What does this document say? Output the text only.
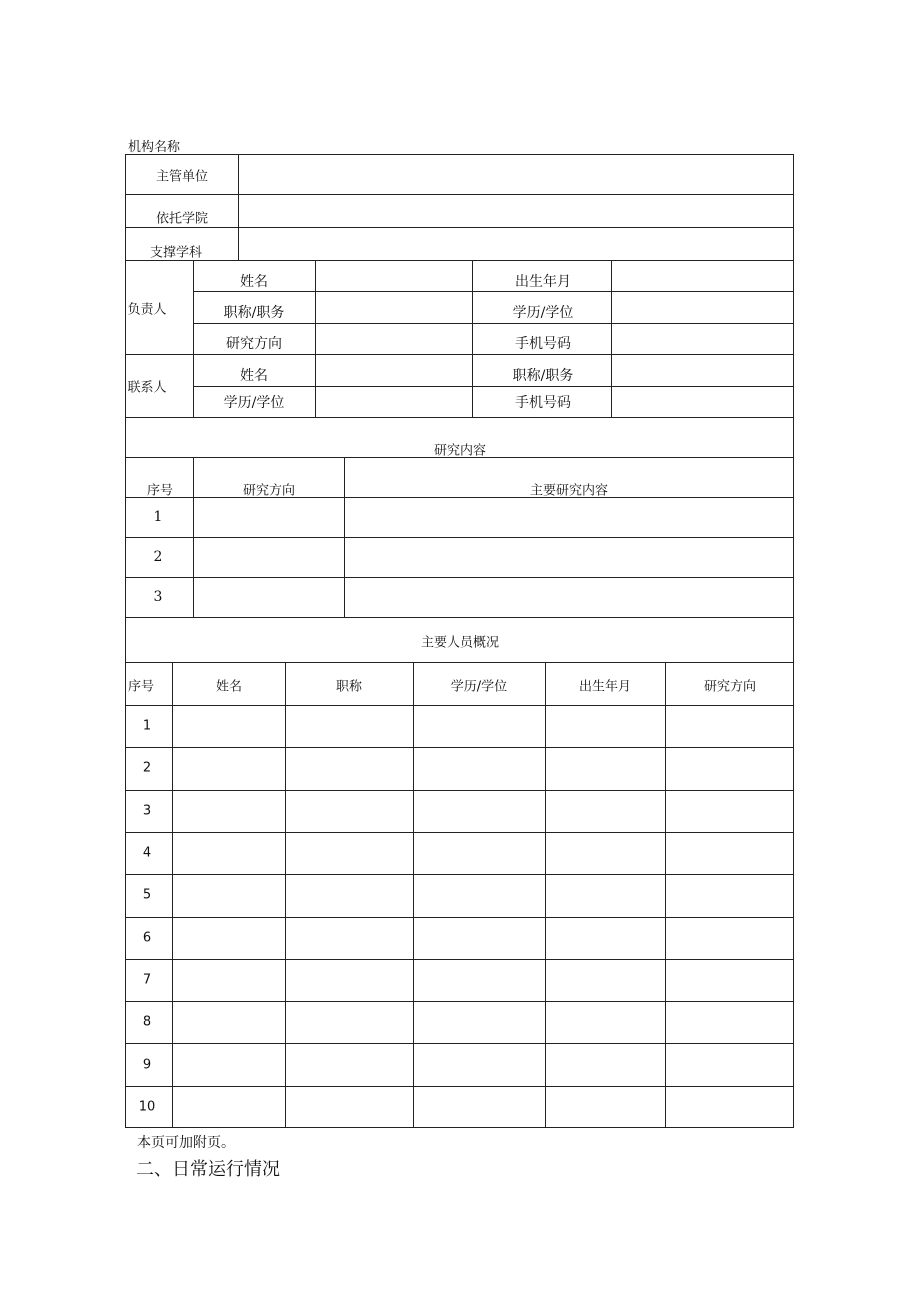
机构名称
主管单位
依托学院
支撑学科
负责人
姓名	出生年月
职称/职务	学历/学位
研究方向	手机号码
联系人
姓名	职称/职务
学历/学位	手机号码
研究内容
序号	研究方向	主要研究内容
1
2
3
主要人员概况
序号	姓名	职称	学历/学位	出生年月	研究方向
1
2
3
4
5
6
7
8
9
10
本页可加附页。
二、日常运行情况
